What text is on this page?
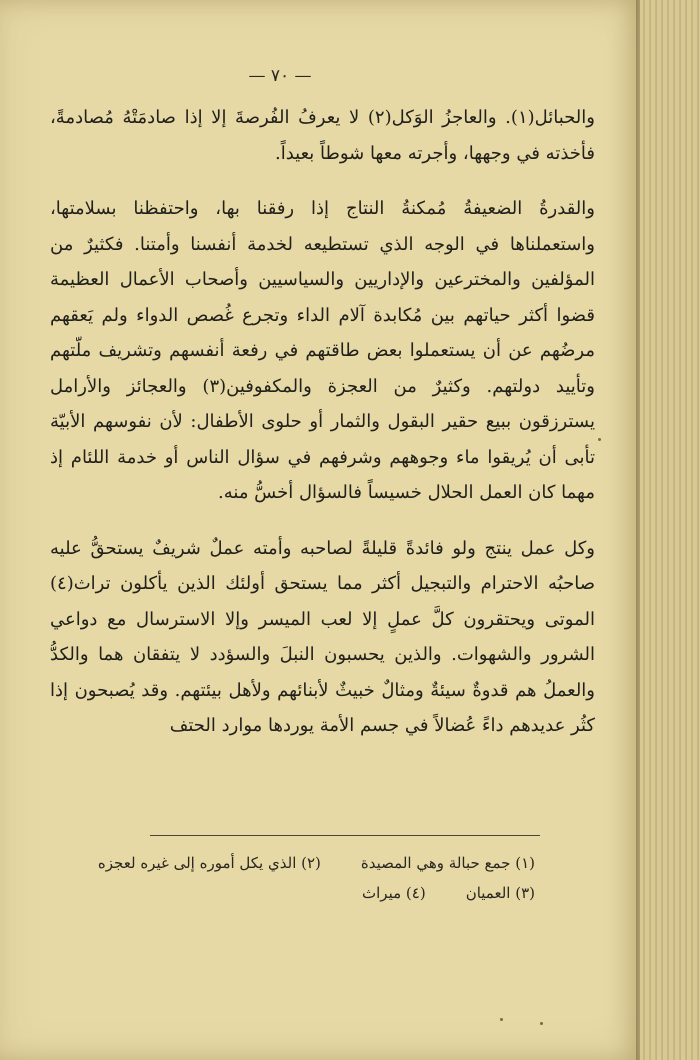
— ٧٠ —

والحبائل(١). والعاجزُ الوَكل(٢) لا يعرفُ الفُرصةَ إلا إذا صادمَتْهُ مُصادمةً، فأخذته في وجهها، وأجرته معها شوطاً بعيداً.

والقدرةُ الضعيفةُ مُمكنةُ النتاج إذا رفقنا بها، واحتفظنا بسلامتها، واستعملناها في الوجه الذي تستطيعه لخدمة أنفسنا وأمتنا. فكثيرٌ من المؤلفين والمخترعين والإداريين والسياسيين وأصحاب الأعمال العظيمة قضوا أكثر حياتهم بين مُكابدة آلام الداء وتجرع غُصص الدواء ولم يَعقهم مرضُهم عن أن يستعملوا بعض طاقتهم في رفعة أنفسهم وتشريف ملّتهم وتأييد دولتهم. وكثيرٌ من العجزة والمكفوفين(٣) والعجائز والأرامل يسترزقون ببيع حقير البقول والثمار أو حلوى الأطفال: لأن نفوسهم الأبيّة تأبى أن يُريقوا ماء وجوههم وشرفهم في سؤال الناس أو خدمة اللئام إذ مهما كان العمل الحلال خسيساً فالسؤال أخسُّ منه.

وكل عمل ينتج ولو فائدةً قليلةً لصاحبه وأمته عملٌ شريفٌ يستحقُّ عليه صاحبُه الاحترام والتبجيل أكثر مما يستحق أولئك الذين يأكلون تراث(٤) الموتى ويحتقرون كلَّ عملٍ إلا لعب الميسر وإلا الاسترسال مع دواعي الشرور والشهوات. والذين يحسبون النبلَ والسؤدد لا يتفقان هما والكدُّ والعملُ هم قدوةٌ سيئةٌ ومثالٌ خبيثٌ لأبنائهم ولأهل بيئتهم. وقد يُصبحون إذا كثُر عديدهم داءً عُضالاً في جسم الأمة يوردها موارد الحتف

(١) جمع حبالة وهي المصيدة
(٢) الذي يكل أموره إلى غيره لعجزه
(٣) العميان
(٤) ميراث
